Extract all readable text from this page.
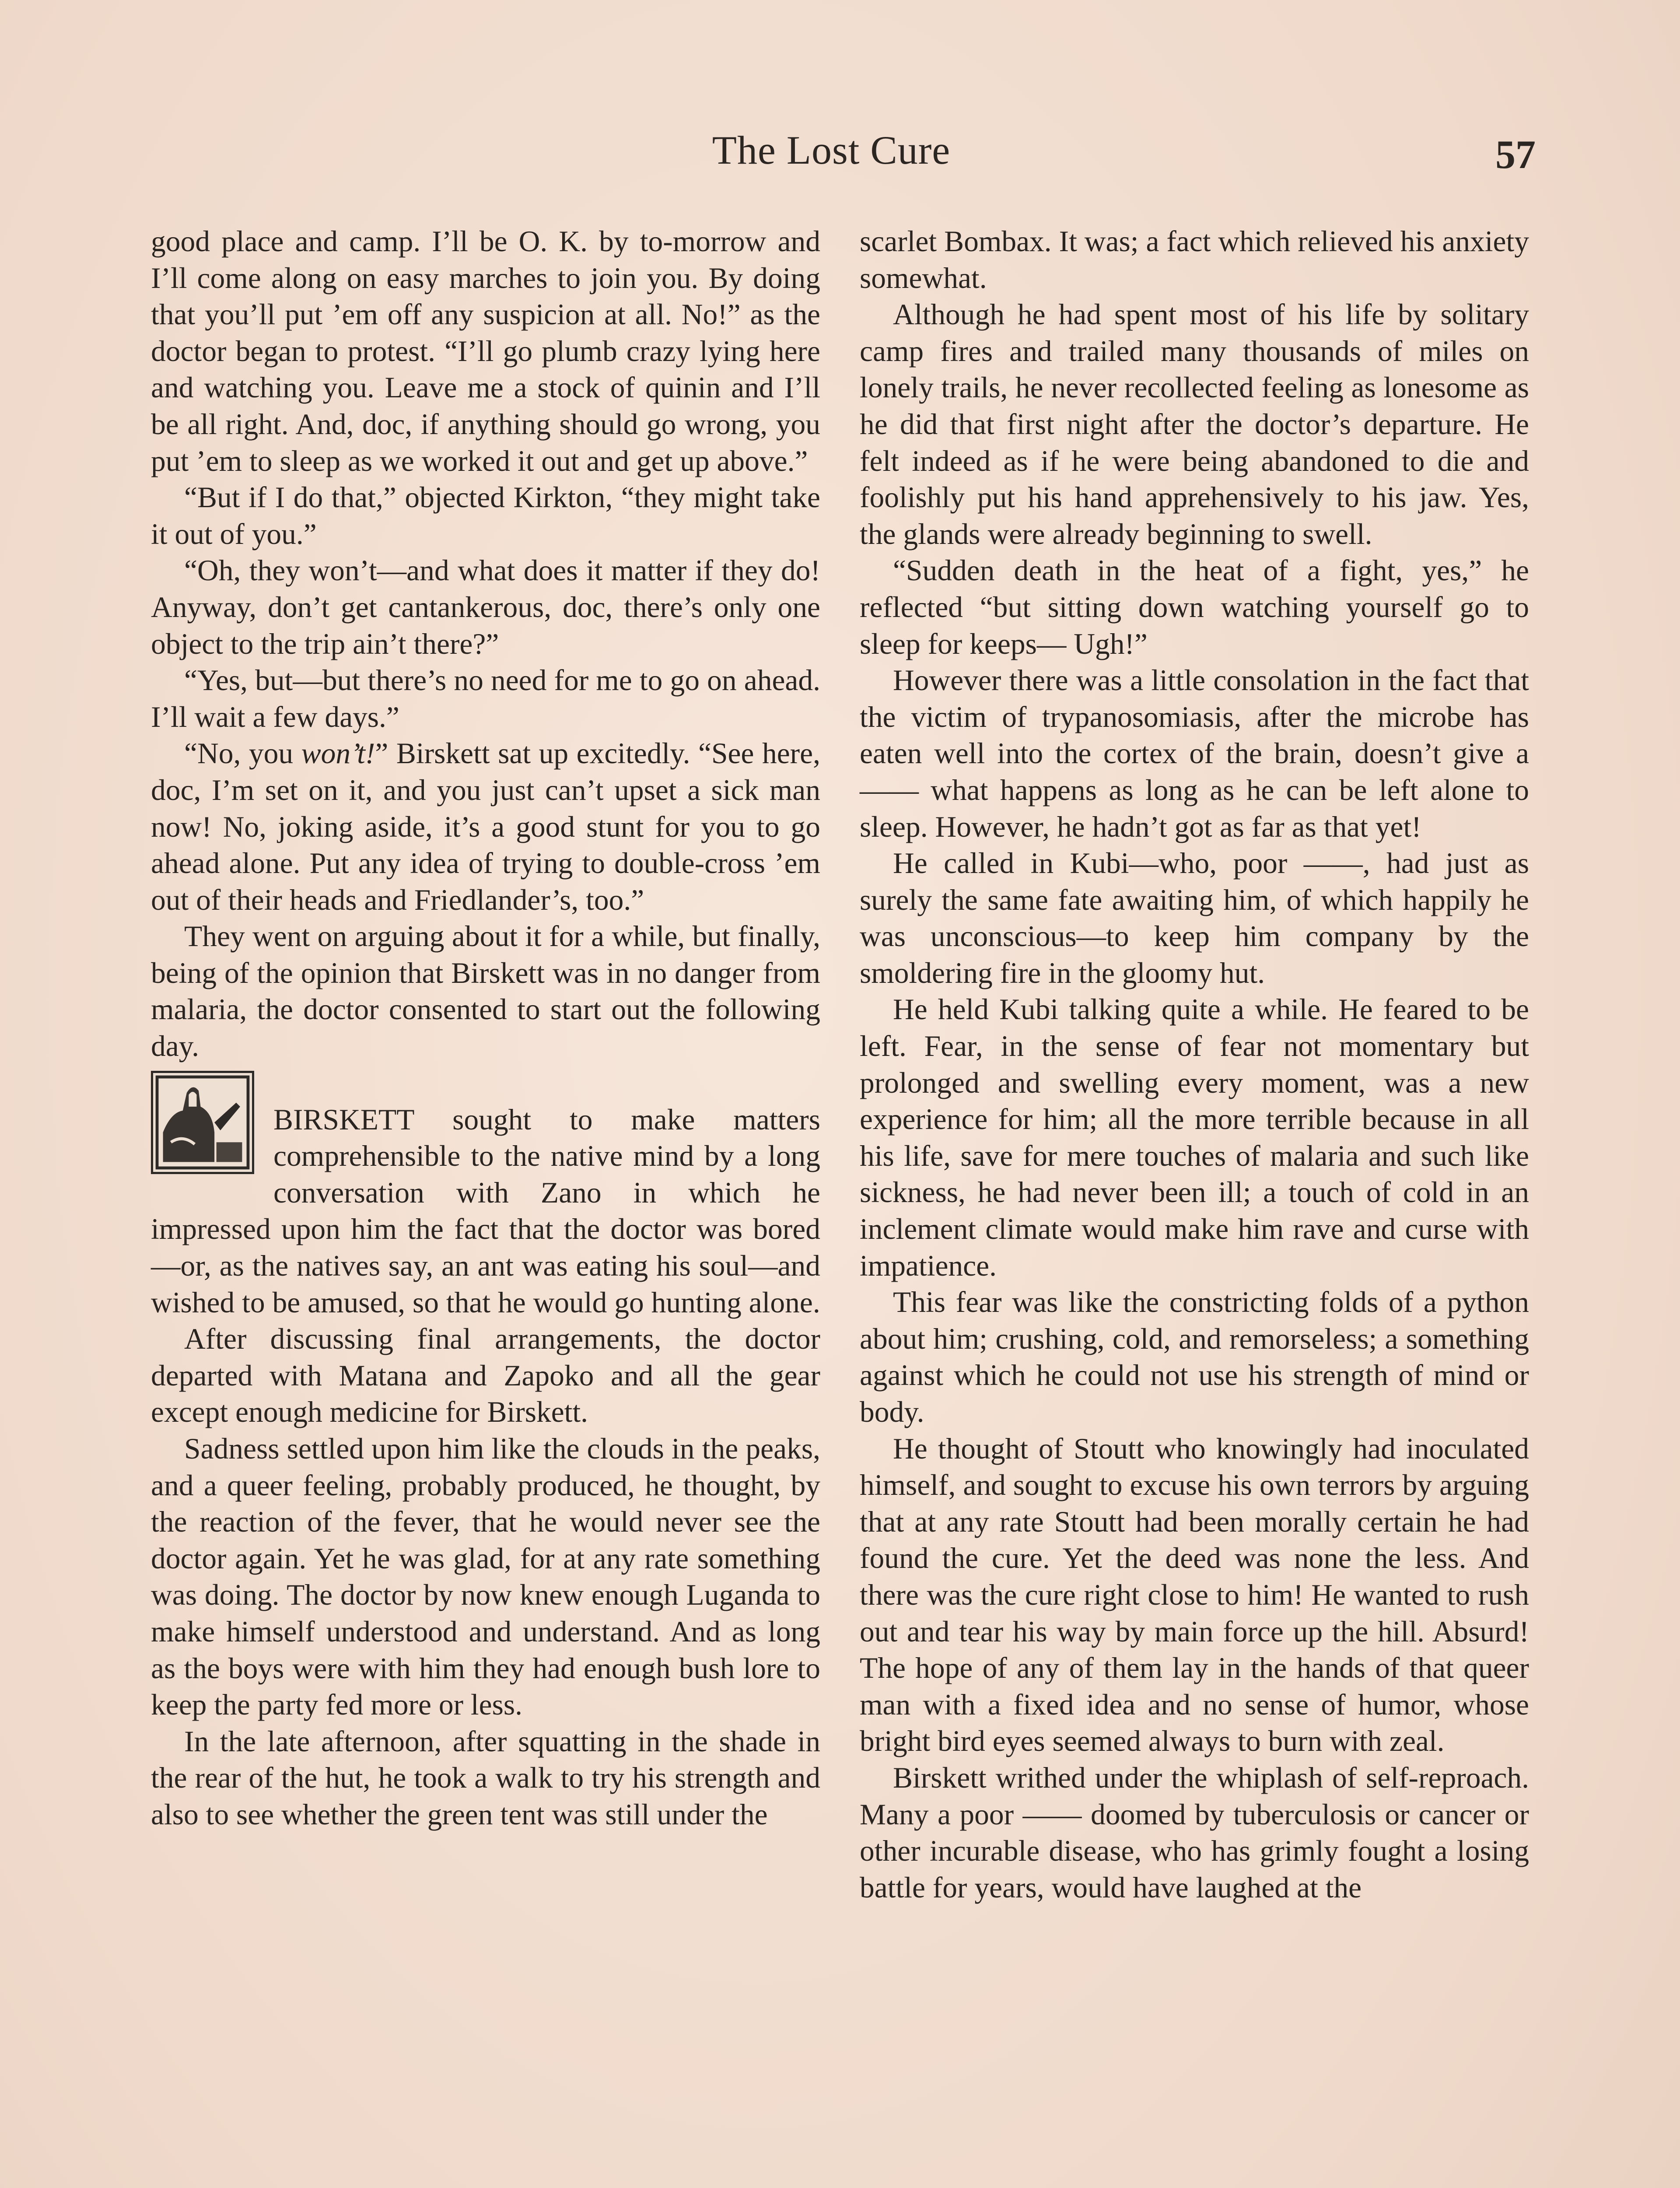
The Lost Cure	57

good place and camp. I’ll be O. K. by to-morrow and I’ll come along on easy marches to join you. By doing that you’ll put ’em off any suspicion at all. No!” as the doctor began to protest. “I’ll go plumb crazy lying here and watching you. Leave me a stock of quinin and I’ll be all right. And, doc, if anything should go wrong, you put ’em to sleep as we worked it out and get up above.”

“But if I do that,” objected Kirkton, “they might take it out of you.”

“Oh, they won’t—and what does it matter if they do! Anyway, don’t get cantankerous, doc, there’s only one object to the trip ain’t there?”

“Yes, but—but there’s no need for me to go on ahead. I’ll wait a few days.”

“No, you won’t!” Birskett sat up excitedly. “See here, doc, I’m set on it, and you just can’t upset a sick man now! No, joking aside, it’s a good stunt for you to go ahead alone. Put any idea of trying to double-cross ’em out of their heads and Friedlander’s, too.”

They went on arguing about it for a while, but finally, being of the opinion that Birskett was in no danger from malaria, the doctor consented to start out the following day.

BIRSKETT sought to make matters comprehensible to the native mind by a long conversation with Zano in which he impressed upon him the fact that the doctor was bored—or, as the natives say, an ant was eating his soul—and wished to be amused, so that he would go hunting alone.

After discussing final arrangements, the doctor departed with Matana and Zapoko and all the gear except enough medicine for Birskett.

Sadness settled upon him like the clouds in the peaks, and a queer feeling, probably produced, he thought, by the reaction of the fever, that he would never see the doctor again. Yet he was glad, for at any rate something was doing. The doctor by now knew enough Luganda to make himself understood and understand. And as long as the boys were with him they had enough bush lore to keep the party fed more or less.

In the late afternoon, after squatting in the shade in the rear of the hut, he took a walk to try his strength and also to see whether the green tent was still under the

scarlet Bombax. It was; a fact which relieved his anxiety somewhat.

Although he had spent most of his life by solitary camp fires and trailed many thousands of miles on lonely trails, he never recollected feeling as lonesome as he did that first night after the doctor’s departure. He felt indeed as if he were being abandoned to die and foolishly put his hand apprehensively to his jaw. Yes, the glands were already beginning to swell.

“Sudden death in the heat of a fight, yes,” he reflected “but sitting down watching yourself go to sleep for keeps— Ugh!”

However there was a little consolation in the fact that the victim of trypanosomiasis, after the microbe has eaten well into the cortex of the brain, doesn’t give a —— what happens as long as he can be left alone to sleep. However, he hadn’t got as far as that yet!

He called in Kubi—who, poor ——, had just as surely the same fate awaiting him, of which happily he was unconscious—to keep him company by the smoldering fire in the gloomy hut.

He held Kubi talking quite a while. He feared to be left. Fear, in the sense of fear not momentary but prolonged and swelling every moment, was a new experience for him; all the more terrible because in all his life, save for mere touches of malaria and such like sickness, he had never been ill; a touch of cold in an inclement climate would make him rave and curse with impatience.

This fear was like the constricting folds of a python about him; crushing, cold, and remorseless; a something against which he could not use his strength of mind or body.

He thought of Stoutt who knowingly had inoculated himself, and sought to excuse his own terrors by arguing that at any rate Stoutt had been morally certain he had found the cure. Yet the deed was none the less. And there was the cure right close to him! He wanted to rush out and tear his way by main force up the hill. Absurd! The hope of any of them lay in the hands of that queer man with a fixed idea and no sense of humor, whose bright bird eyes seemed always to burn with zeal.

Birskett writhed under the whiplash of self-reproach. Many a poor —— doomed by tuberculosis or cancer or other incurable disease, who has grimly fought a losing battle for years, would have laughed at the
